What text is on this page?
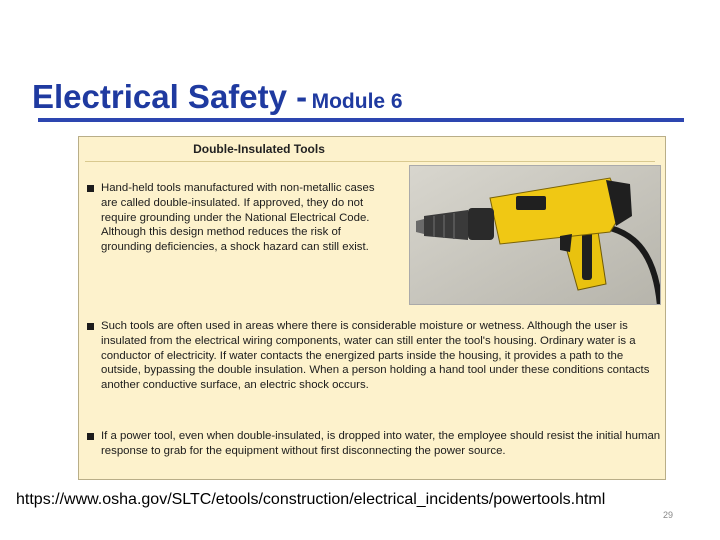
Electrical Safety - Module 6
Double-Insulated Tools
Hand-held tools manufactured with non-metallic cases are called double-insulated. If approved, they do not require grounding under the National Electrical Code. Although this design method reduces the risk of grounding deficiencies, a shock hazard can still exist.
Such tools are often used in areas where there is considerable moisture or wetness. Although the user is insulated from the electrical wiring components, water can still enter the tool's housing. Ordinary water is a conductor of electricity. If water contacts the energized parts inside the housing, it provides a path to the outside, bypassing the double insulation. When a person holding a hand tool under these conditions contacts another conductive surface, an electric shock occurs.
If a power tool, even when double-insulated, is dropped into water, the employee should resist the initial human response to grab for the equipment without first disconnecting the power source.
https://www.osha.gov/SLTC/etools/construction/electrical_incidents/powertools.html
29
